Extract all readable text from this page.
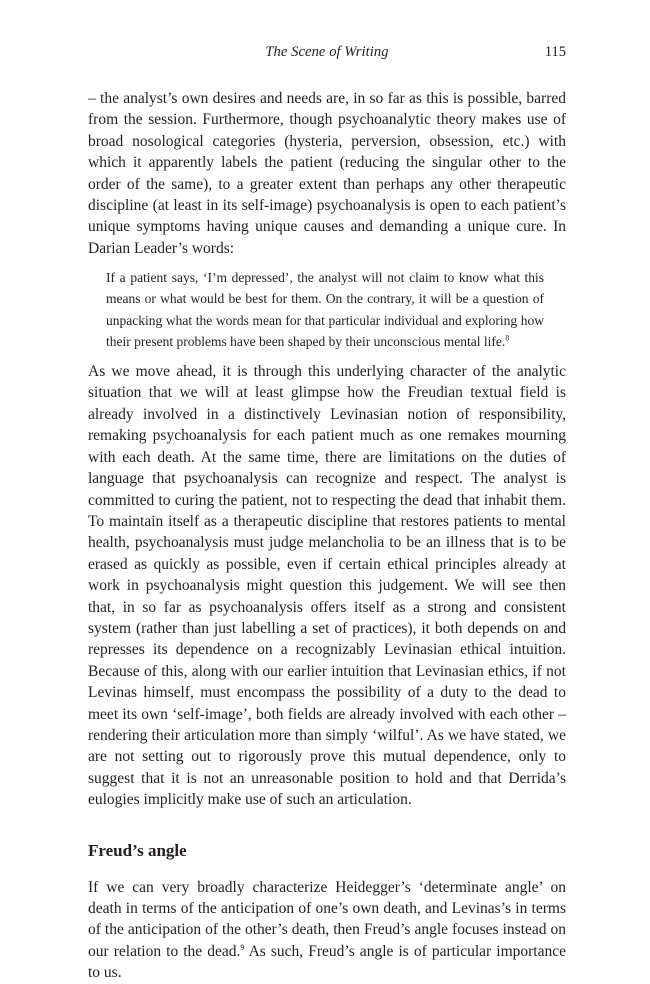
The Scene of Writing	115

– the analyst’s own desires and needs are, in so far as this is possible, barred from the session. Furthermore, though psychoanalytic theory makes use of broad nosological categories (hysteria, perversion, obsession, etc.) with which it apparently labels the patient (reducing the singular other to the order of the same), to a greater extent than perhaps any other therapeutic discipline (at least in its self-image) psychoanalysis is open to each patient’s unique symptoms having unique causes and demanding a unique cure. In Darian Leader’s words:

If a patient says, ‘I’m depressed’, the analyst will not claim to know what this means or what would be best for them. On the contrary, it will be a question of unpacking what the words mean for that particular individual and exploring how their present problems have been shaped by their unconscious mental life.$^8$

As we move ahead, it is through this underlying character of the analytic situation that we will at least glimpse how the Freudian textual field is already involved in a distinctively Levinasian notion of responsibility, remaking psychoanalysis for each patient much as one remakes mourning with each death. At the same time, there are limitations on the duties of language that psychoanalysis can recognize and respect. The analyst is committed to curing the patient, not to respecting the dead that inhabit them. To maintain itself as a therapeutic discipline that restores patients to mental health, psychoanalysis must judge melancholia to be an illness that is to be erased as quickly as possible, even if certain ethical principles already at work in psychoanalysis might question this judgement. We will see then that, in so far as psychoanalysis offers itself as a strong and consistent system (rather than just labelling a set of practices), it both depends on and represses its dependence on a recognizably Levinasian ethical intuition. Because of this, along with our earlier intuition that Levinasian ethics, if not Levinas himself, must encompass the possibility of a duty to the dead to meet its own ‘self-image’, both fields are already involved with each other – rendering their articulation more than simply ‘wilful’. As we have stated, we are not setting out to rigorously prove this mutual dependence, only to suggest that it is not an unreasonable position to hold and that Derrida’s eulogies implicitly make use of such an articulation.

Freud’s angle

If we can very broadly characterize Heidegger’s ‘determinate angle’ on death in terms of the anticipation of one’s own death, and Levinas’s in terms of the anticipation of the other’s death, then Freud’s angle focuses instead on our relation to the dead.$^9$ As such, Freud’s angle is of particular importance to us.
